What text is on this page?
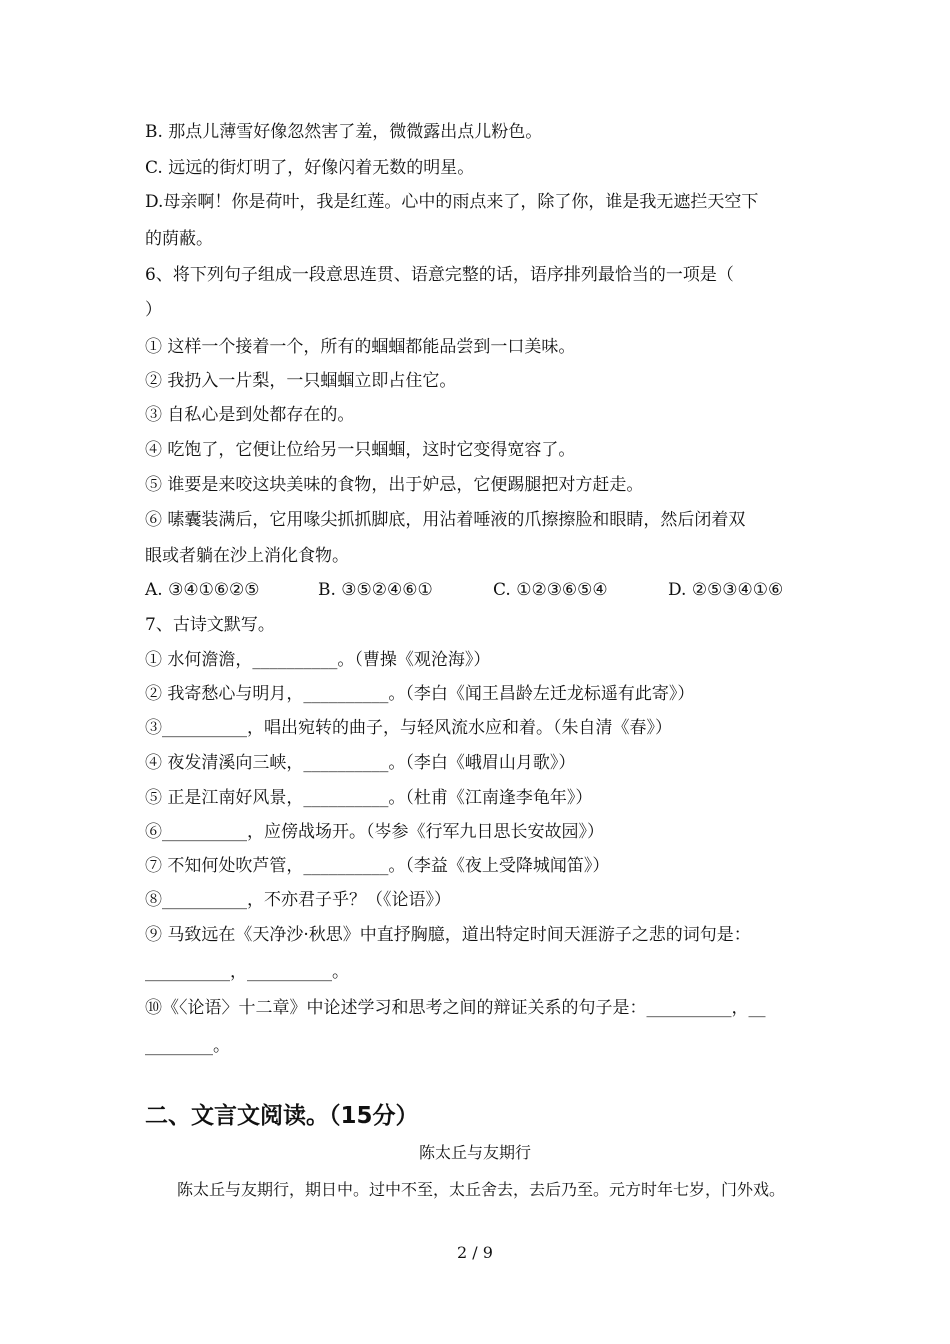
B. 那点儿薄雪好像忽然害了羞，微微露出点儿粉色。
C. 远远的街灯明了，好像闪着无数的明星。
D.母亲啊！你是荷叶，我是红莲。心中的雨点来了，除了你，谁是我无遮拦天空下
的荫蔽。
6、将下列句子组成一段意思连贯、语意完整的话，语序排列最恰当的一项是（
）
① 这样一个接着一个，所有的蝈蝈都能品尝到一口美味。
② 我扔入一片梨，一只蝈蝈立即占住它。
③ 自私心是到处都存在的。
④ 吃饱了，它便让位给另一只蝈蝈，这时它变得宽容了。
⑤ 谁要是来咬这块美味的食物，出于妒忌，它便踢腿把对方赶走。
⑥ 嗉囊装满后，它用喙尖抓抓脚底，用沾着唾液的爪擦擦脸和眼睛，然后闭着双
眼或者躺在沙上消化食物。
A. ③④①⑥②⑤	B. ③⑤②④⑥①	C. ①②③⑥⑤④	D. ②⑤③④①⑥
7、古诗文默写。
① 水何澹澹，__________。（曹操《观沧海》）
② 我寄愁心与明月，__________。（李白《闻王昌龄左迁龙标遥有此寄》）
③__________，唱出宛转的曲子，与轻风流水应和着。（朱自清《春》）
④ 夜发清溪向三峡，__________。（李白《峨眉山月歌》）
⑤ 正是江南好风景，__________。（杜甫《江南逢李龟年》）
⑥__________，应傍战场开。（岑参《行军九日思长安故园》）
⑦ 不知何处吹芦管，__________。（李益《夜上受降城闻笛》）
⑧__________，不亦君子乎？（《论语》）
⑨ 马致远在《天净沙·秋思》中直抒胸臆，道出特定时间天涯游子之悲的词句是：
__________，__________。
⑩《〈论语〉十二章》中论述学习和思考之间的辩证关系的句子是：__________，__
________。
二、文言文阅读。（15分）
陈太丘与友期行
陈太丘与友期行，期日中。过中不至，太丘舍去，去后乃至。元方时年七岁，门外戏。
2 / 9
